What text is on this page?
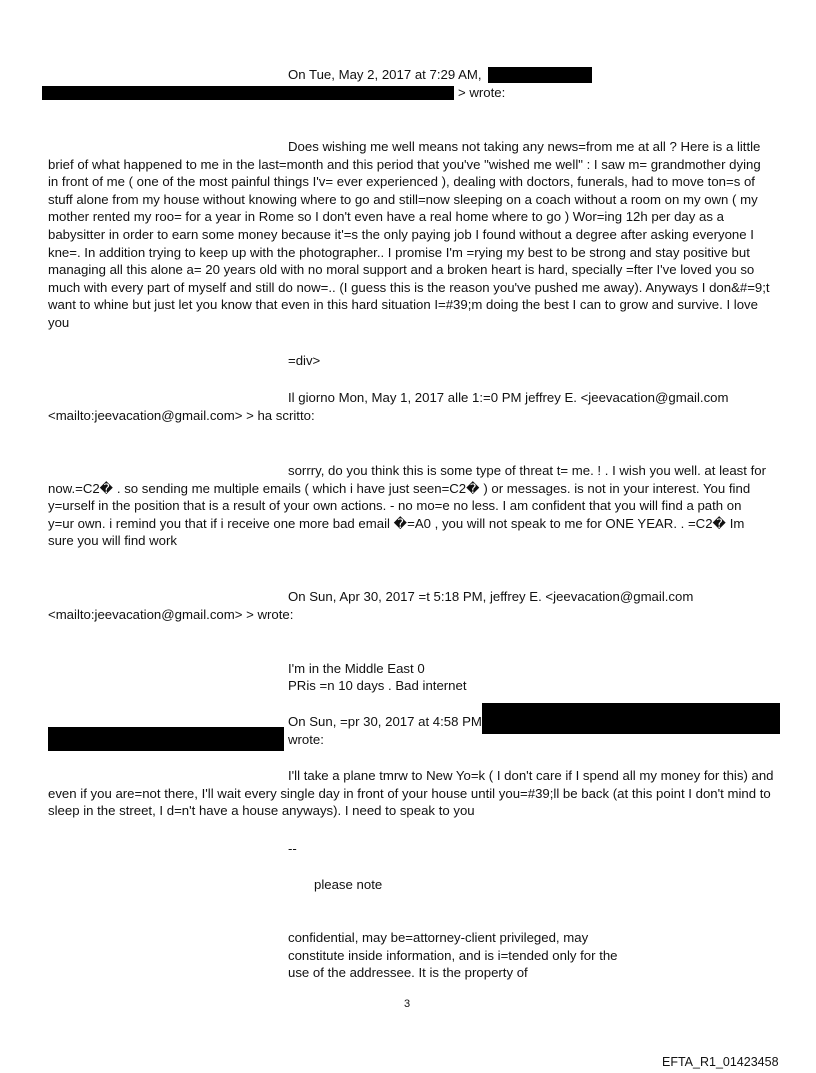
On Tue, May 2, 2017 at 7:29 AM,
> wrote:
Does wishing me well means not taking any news=from me at all ? Here is a little brief of what happened to me in the last=month and this period that you've "wished me well" : I saw m= grandmother dying in front of me ( one of the most painful things I'v= ever experienced ), dealing with doctors, funerals, had to move ton=s of stuff alone from my house without knowing where to go and still=now sleeping on a coach without a room on my own ( my mother rented my roo= for a year in Rome so I don't even have a real home where to go ) Wor=ing 12h per day as a babysitter in order to earn some money because it'=s the only paying job I found without a degree after asking everyone I kne=. In addition trying to keep up with the photographer.. I promise I'm =rying my best to be strong and stay positive but managing all this alone a= 20 years old with no moral support and a broken heart is hard, specially =fter I've loved you so much with every part of myself and still do now=.. (I guess this is the reason you've pushed me away). Anyways I don&#=9;t want to whine but just let you know that even in this hard situation I=#39;m doing the best I can to grow and survive. I love you
=div>
Il giorno Mon, May 1, 2017 alle 1:=0 PM jeffrey E. <jeevacation@gmail.com <mailto:jeevacation@gmail.com> > ha scritto:
sorrry, do you think this is some type of threat t= me. ! . I wish you well. at least for now.=C2� . so sending me multiple emails ( which i have just seen=C2� ) or messages. is not in your interest. You find y=urself in the position that is a result of your own actions. - no mo=e no less. I am confident that you will find a path on y=ur own. i remind you that if i receive one more bad email �=A0 , you will not speak to me for ONE YEAR. . =C2� Im sure you will find work
On Sun, Apr 30, 2017 =t 5:18 PM, jeffrey E. <jeevacation@gmail.com <mailto:jeevacation@gmail.com> > wrote:
I'm in the Middle East 0
PRis =n 10 days . Bad internet
On Sun, =pr 30, 2017 at 4:58 PM
wrote:
I'll take a plane tmrw to New Yo=k ( I don't care if I spend all my money for this) and even if you are=not there, I'll wait every single day in front of your house until you=#39;ll be back (at this point I don't mind to sleep in the street, I d=n't have a house anyways). I need to speak to you
--
please note
confidential, may be=attorney-client privileged, may constitute inside information, and is i=tended only for the use of the addressee. It is the property of
3
EFTA_R1_01423458
